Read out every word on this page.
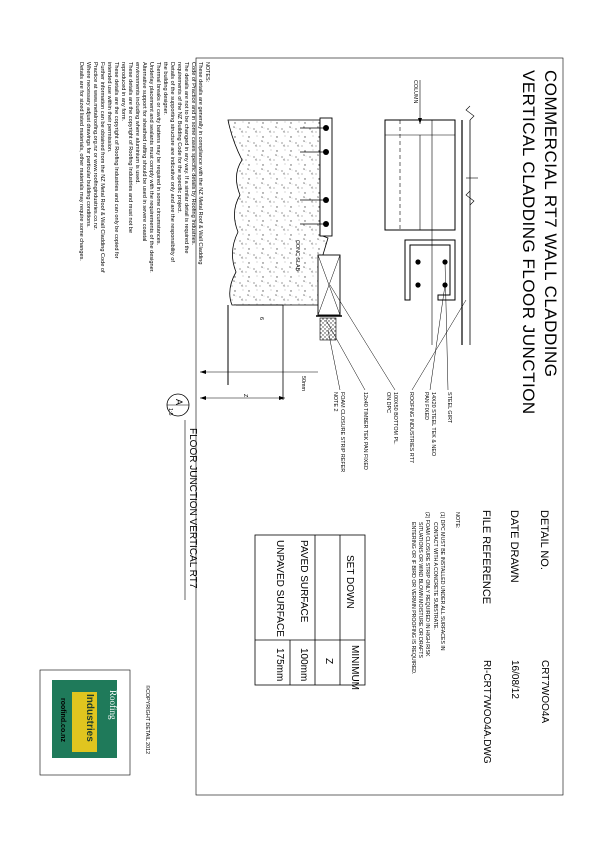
COMMERCIAL RT7 WALL CLADDING
VERTICAL CLADDING FLOOR JUNCTION
DETAIL NO.
CRT7WOO4A
DATE DRAWN
16/08/12
FILE REFERENCE
RI-CRT7WOO4A.DWG
NOTE:
(1) DPC MUST BE INSTALLED UNDER ALL SURFACES IN
CONTACT WITH A CONCRETE SUBSTRATE.
(2) FOAM CLOSURE STRIP ONLY REQUIRED IN HIGH RISK
SITUATIONS OR WIND BLOWN MOISTURE OR DRAFTS
ENTERING OR IF BIRD OR VERMIN PROOFING IS REQUIRED.
SET DOWN
MINIMUM
Z
PAVED SURFACE
100mm
UNPAVED SURFACE
175mm
©COPYRIGHT DETAIL 2012
Roofing
Industries
roofind.co.nz
A
1:5
FLOOR JUNCTION VERTICAL RT7
COLUMN
STEEL GIRT
14X20 STEEL TEK & NEO
PAN FIXED
ROOFING INDUSTRIES RT7
100X50 BOTTOM PL.
ON DPC
12x40 TIMBER TEK PAN FIXED
FOAM CLOSURE STRIP REFER
NOTE 2
CONC SLAB
Z
50mm
6
NOTES:
These details are generally in compliance with the NZ Metal Roof & Wall Cladding
Code of Practice and in some cases specific details by Roofing Industries.
The details are not to be changed in any way. If a similar detail is required the
requirements of the NZ Building Code for the specific project.
Details of the supporting structure are indicative only and are the responsibility of
the building designer.
Thermal breaks or cavity battens may be required in some circumstances.
Underlay placement and sealants must comply with the requirements of the designer.
Alternative support for sheathed rafting should be used in severe coastal
environments including where aluminium is used.
These details are the copyright of Roofing Industries and must not be
reproduced in any form.
These details are the copyright of Roofing Industries and can only be copied for
intended use within their permission.
Further information can be obtained from the NZ Metal Roof & Wall Cladding Code of
Practice at www.metalroofing.org.nz or www.roofingindustries.co.nz.
Where necessary adjust drawings for particular building conditions.
Details are for sized listed materials, other materials may require some changes.
